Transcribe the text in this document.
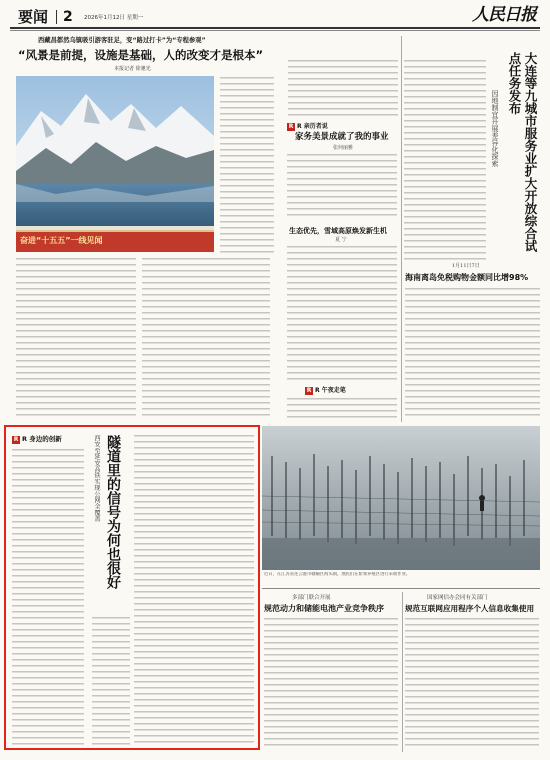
要闻 2 2026年1月12日 星期一	人民日报
西藏昌都然乌镇吸引游客驻足，变“路过打卡”为“专程参观”
“风景是前提，设施是基础，人的改变才是根本”
本报记者 徐驰光
奋进“十五五”一线见闻
R R 亲历者说
家务美景成就了我的事业
张何丽雅
生态优先，雪域高原焕发新生机
夏 宁
R R 午夜走笔
大连等九城市服务业扩大开放综合试点任务发布
因地制宜开展差异化探索
1月11日7日
海南离岛免税购物金额同比增98%
R R 身边的创新	西安至延安高铁实现公网全覆盖 隧道里的信号为何也很好	近日，在江苏省连云港市赣榆区海头镇，渔民们在紫菜养殖区进行采收作业。
多部门联合开展
规范动力和储能电池产业竞争秩序
国家网信办会同有关部门
规范互联网应用程序个人信息收集使用
